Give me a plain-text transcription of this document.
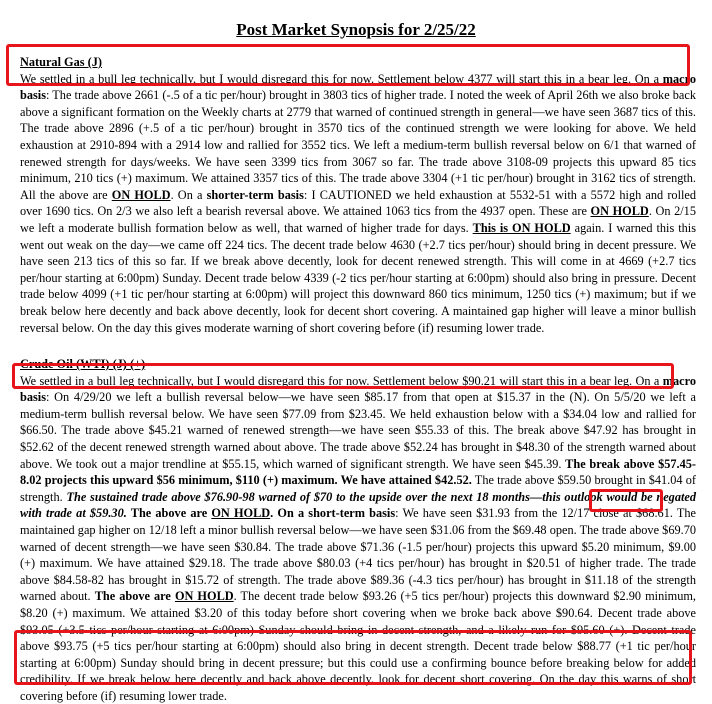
Post Market Synopsis for 2/25/22
Natural Gas (J)

We settled in a bull leg technically, but I would disregard this for now. Settlement below 4377 will start this in a bear leg. On a macro basis: The trade above 2661 (-.5 of a tic per/hour) brought in 3803 tics of higher trade. I noted the week of April 26th we also broke back above a significant formation on the Weekly charts at 2779 that warned of continued strength in general—we have seen 3687 tics of this. The trade above 2896 (+.5 of a tic per/hour) brought in 3570 tics of the continued strength we were looking for above. We held exhaustion at 2910-894 with a 2914 low and rallied for 3552 tics. We left a medium-term bullish reversal below on 6/1 that warned of renewed strength for days/weeks. We have seen 3399 tics from 3067 so far. The trade above 3108-09 projects this upward 85 tics minimum, 210 tics (+) maximum. We attained 3357 tics of this. The trade above 3304 (+1 tic per/hour) brought in 3162 tics of strength. All the above are ON HOLD. On a shorter-term basis: I CAUTIONED we held exhaustion at 5532-51 with a 5572 high and rolled over 1690 tics. On 2/3 we also left a bearish reversal above. We attained 1063 tics from the 4937 open. These are ON HOLD. On 2/15 we left a moderate bullish formation below as well, that warned of higher trade for days. This is ON HOLD again. I warned this this went out weak on the day—we came off 224 tics. The decent trade below 4630 (+2.7 tics per/hour) should bring in decent pressure. We have seen 213 tics of this so far. If we break above decently, look for decent renewed strength. This will come in at 4669 (+2.7 tics per/hour starting at 6:00pm) Sunday. Decent trade below 4339 (-2 tics per/hour starting at 6:00pm) should also bring in pressure. Decent trade below 4099 (+1 tic per/hour starting at 6:00pm) will project this downward 860 tics minimum, 1250 tics (+) maximum; but if we break below here decently and back above decently, look for decent short covering. A maintained gap higher will leave a minor bullish reversal below. On the day this gives moderate warning of short covering before (if) resuming lower trade.

Crude Oil (WTI) (J) (+)

We settled in a bull leg technically, but I would disregard this for now. Settlement below $90.21 will start this in a bear leg. On a macro basis: On 4/29/20 we left a bullish reversal below—we have seen $85.17 from that open at $15.37 in the (N). On 5/5/20 we left a medium-term bullish reversal below. We have seen $77.09 from $23.45. We held exhaustion below with a $34.04 low and rallied for $66.50. The trade above $45.21 warned of renewed strength—we have seen $55.33 of this. The break above $47.92 has brought in $52.62 of the decent renewed strength warned about above. The trade above $52.24 has brought in $48.30 of the strength warned about above. We took out a major trendline at $55.15, which warned of significant strength. We have seen $45.39. The break above $57.45-8.02 projects this upward $56 minimum, $110 (+) maximum. We have attained $42.52. The trade above $59.50 brought in $41.04 of strength. The sustained trade above $76.90-98 warned of $70 to the upside over the next 18 months—this outlook would be negated with trade at $59.30. The above are ON HOLD. On a short-term basis: We have seen $31.93 from the 12/17 close at $68.61. The maintained gap higher on 12/18 left a minor bullish reversal below—we have seen $31.06 from the $69.48 open. The trade above $69.70 warned of decent strength—we have seen $30.84. The trade above $71.36 (-1.5 per/hour) projects this upward $5.20 minimum, $9.00 (+) maximum. We have attained $29.18. The trade above $80.03 (+4 tics per/hour) has brought in $20.51 of higher trade. The trade above $84.58-82 has brought in $15.72 of strength. The trade above $89.36 (-4.3 tics per/hour) has brought in $11.18 of the strength warned about. The above are ON HOLD. The decent trade below $93.26 (+5 tics per/hour) projects this downward $2.90 minimum, $8.20 (+) maximum. We attained $3.20 of this today before short covering when we broke back above $90.64. Decent trade above $93.05 (+3.5 tics per/hour starting at 6:00pm) Sunday should bring in decent strength, and a likely run for $95.60 (+). Decent trade above $93.75 (+5 tics per/hour starting at 6:00pm) should also bring in decent strength. Decent trade below $88.77 (+1 tic per/hour starting at 6:00pm) Sunday should bring in decent pressure; but this could use a confirming bounce before breaking below for added credibility. If we break below here decently and back above decently, look for decent short covering. On the day this warns of short covering before (if) resuming lower trade.
